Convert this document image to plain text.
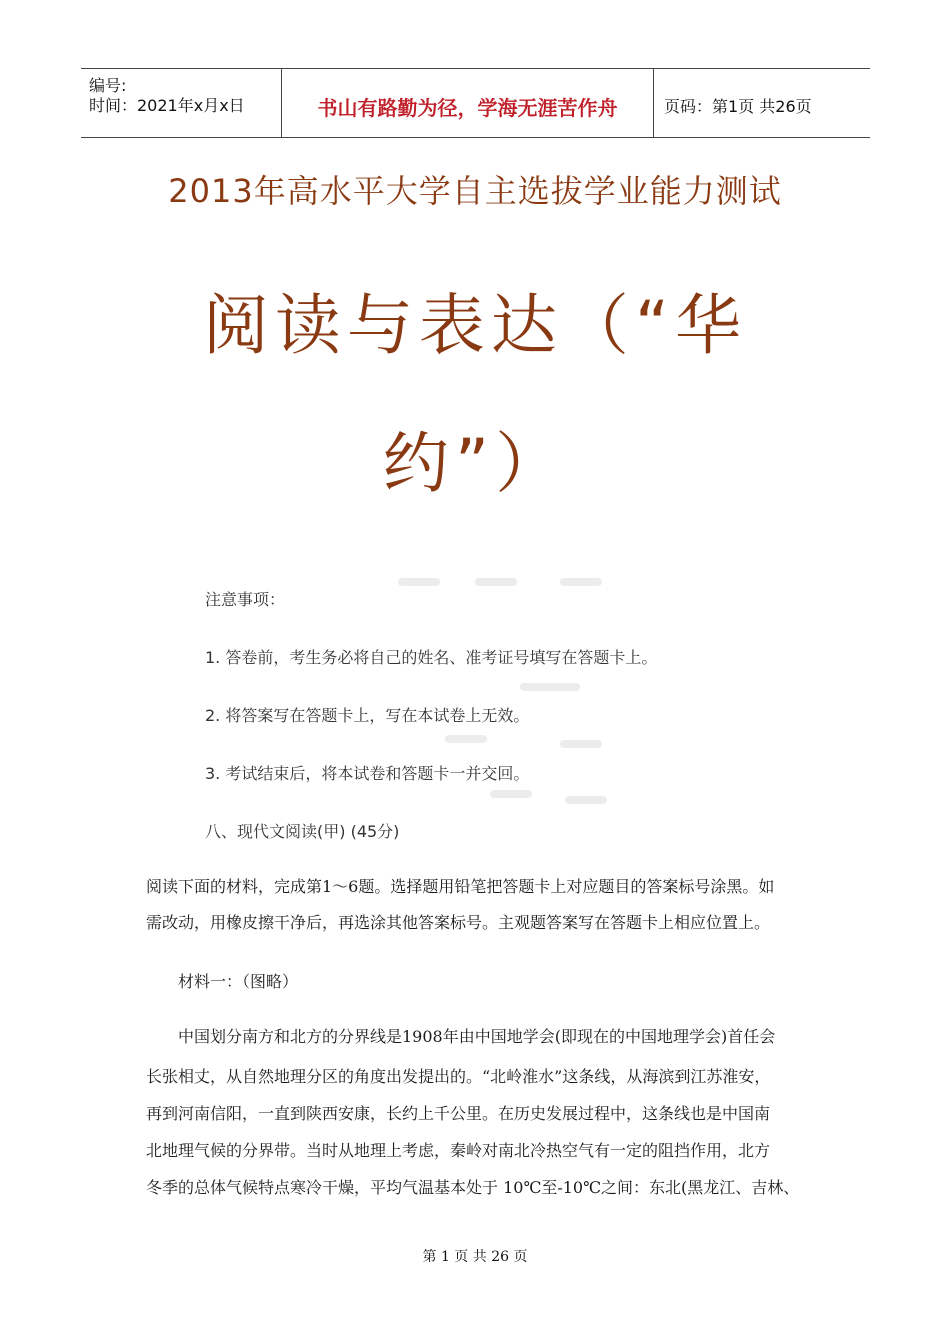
编号:
时间：2021年x月x日	书山有路勤为径，学海无涯苦作舟	页码：第1页 共26页
2013年高水平大学自主选拔学业能力测试
阅读与表达（“华
约”）
注意事项：
1. 答卷前，考生务必将自己的姓名、准考证号填写在答题卡上。
2. 将答案写在答题卡上，写在本试卷上无效。
3. 考试结束后，将本试卷和答题卡一并交回。
八、现代文阅读(甲) (45分)
阅读下面的材料，完成第1～6题。选择题用铅笔把答题卡上对应题目的答案标号涂黑。如
需改动，用橡皮擦干净后，再选涂其他答案标号。主观题答案写在答题卡上相应位置上。
材料一：（图略）
中国划分南方和北方的分界线是1908年由中国地学会(即现在的中国地理学会)首任会
长张相丈，从自然地理分区的角度出发提出的。“北岭淮水”这条线，从海滨到江苏淮安，
再到河南信阳，一直到陕西安康，长约上千公里。在历史发展过程中，这条线也是中国南
北地理气候的分界带。当时从地理上考虑，秦岭对南北冷热空气有一定的阻挡作用，北方
冬季的总体气候特点寒冷干燥，平均气温基本处于 10℃至-10℃之间：东北(黑龙江、吉林、
第 1 页 共 26 页
